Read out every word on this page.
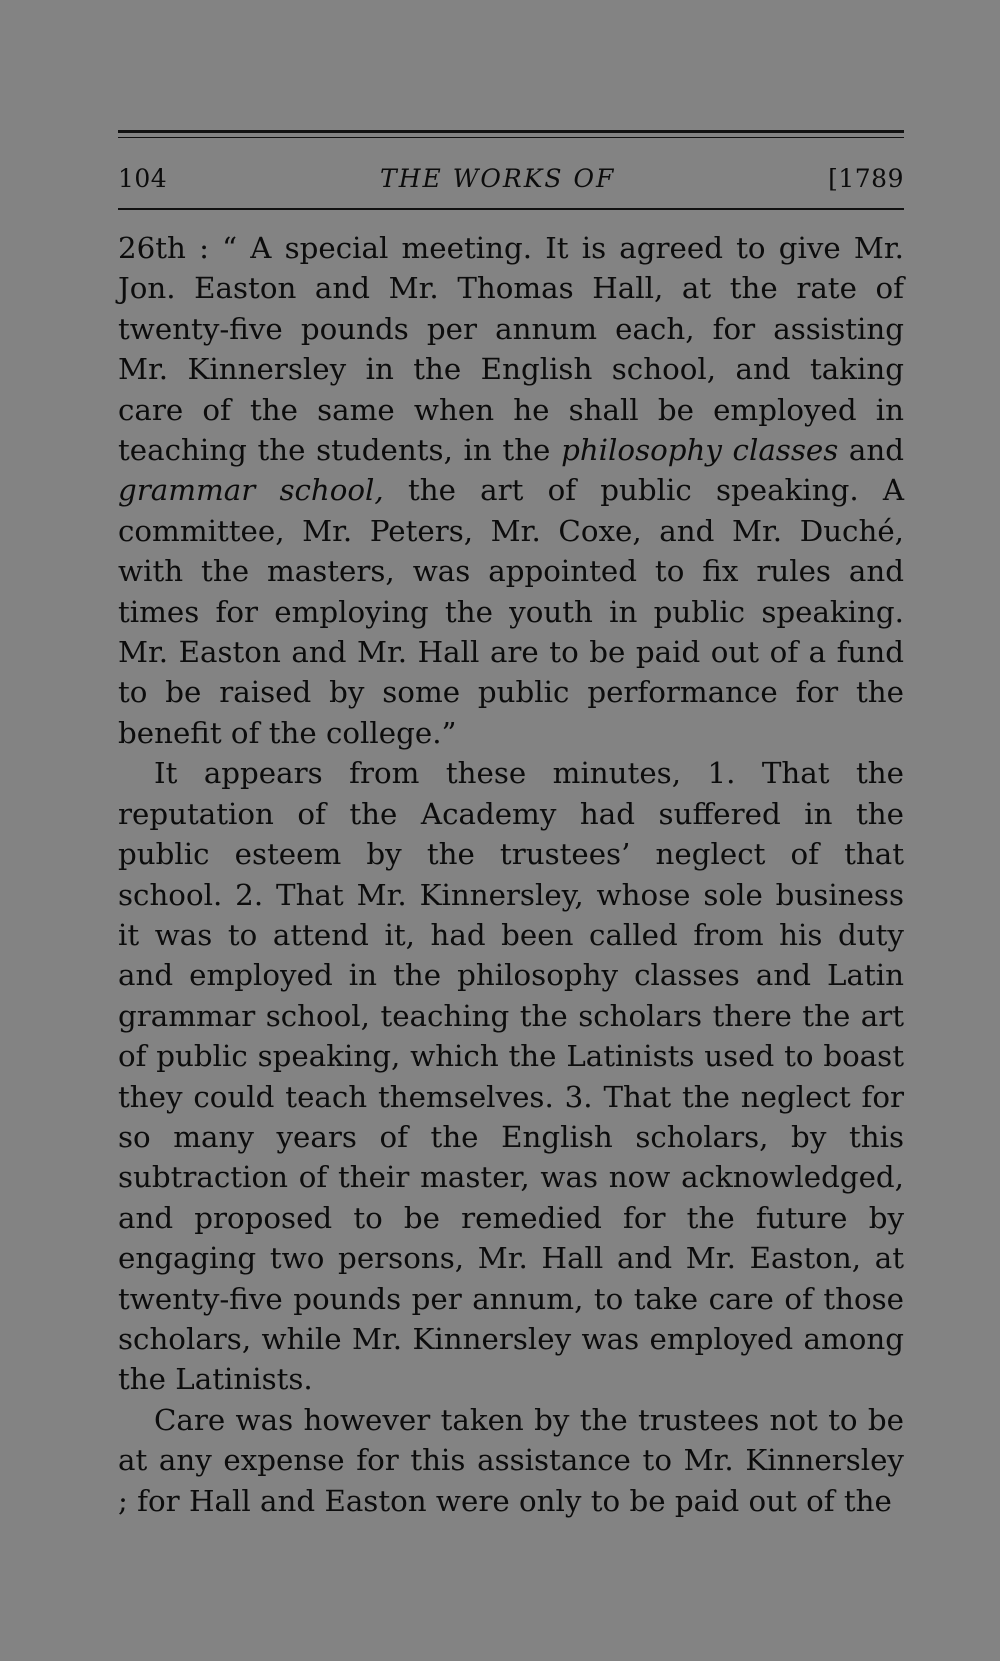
104	THE WORKS OF	[1789

26th : “ A special meeting. It is agreed to give Mr. Jon. Easton and Mr. Thomas Hall, at the rate of twenty-five pounds per annum each, for assisting Mr. Kinnersley in the English school, and taking care of the same when he shall be employed in teaching the students, in the philosophy classes and grammar school, the art of public speaking. A committee, Mr. Peters, Mr. Coxe, and Mr. Duché, with the masters, was appointed to fix rules and times for employing the youth in public speaking. Mr. Easton and Mr. Hall are to be paid out of a fund to be raised by some public performance for the benefit of the college.”

It appears from these minutes, 1. That the reputation of the Academy had suffered in the public esteem by the trustees’ neglect of that school. 2. That Mr. Kinnersley, whose sole business it was to attend it, had been called from his duty and employed in the philosophy classes and Latin grammar school, teaching the scholars there the art of public speaking, which the Latinists used to boast they could teach themselves. 3. That the neglect for so many years of the English scholars, by this subtraction of their master, was now acknowledged, and proposed to be remedied for the future by engaging two persons, Mr. Hall and Mr. Easton, at twenty-five pounds per annum, to take care of those scholars, while Mr. Kinnersley was employed among the Latinists.

Care was however taken by the trustees not to be at any expense for this assistance to Mr. Kinnersley ; for Hall and Easton were only to be paid out of the
